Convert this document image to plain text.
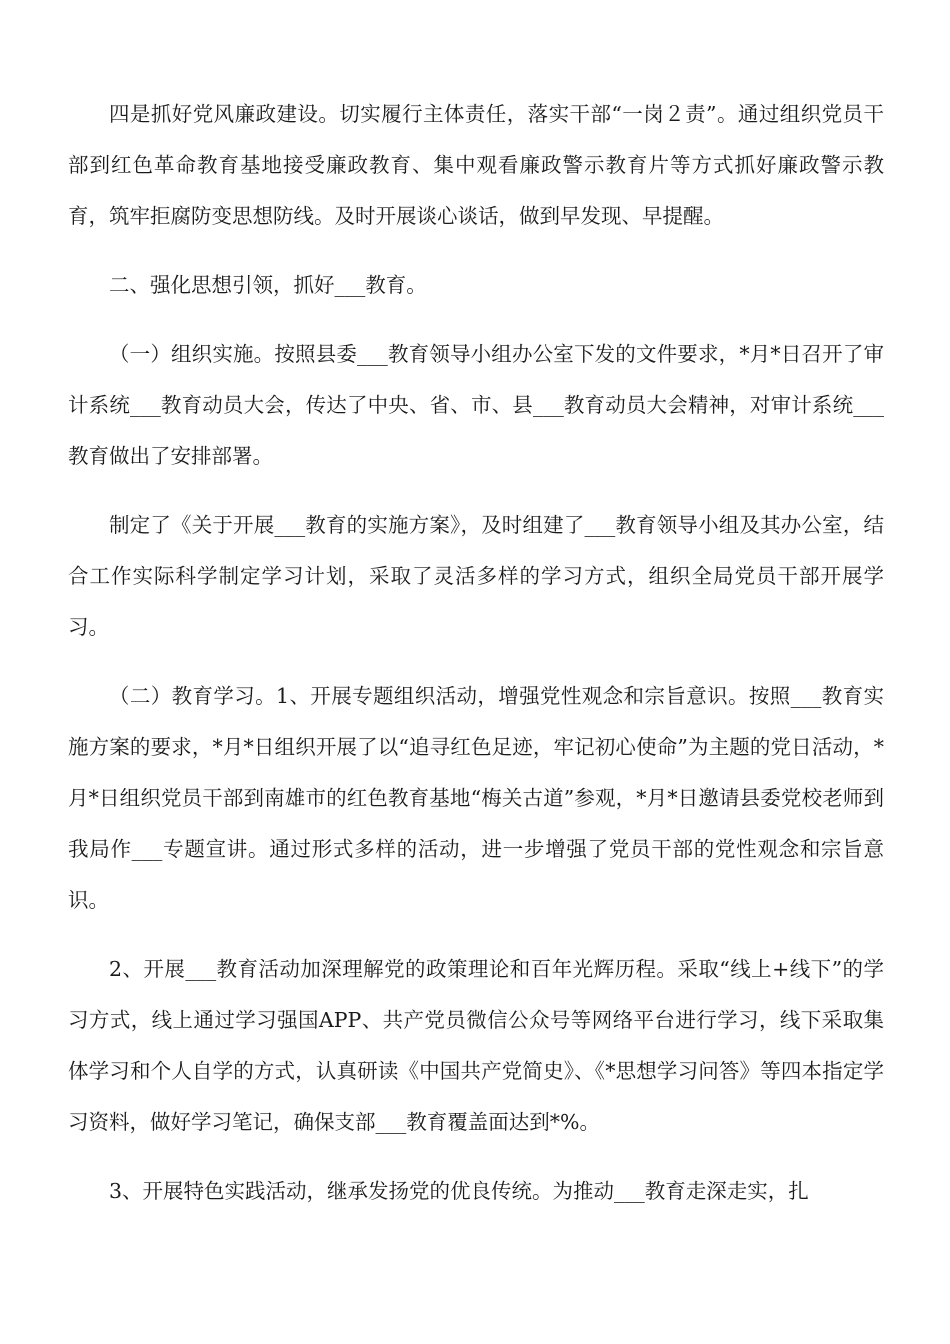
四是抓好党风廉政建设。切实履行主体责任，落实干部“一岗２责”。通过组织党员干部到红色革命教育基地接受廉政教育、集中观看廉政警示教育片等方式抓好廉政警示教育，筑牢拒腐防变思想防线。及时开展谈心谈话，做到早发现、早提醒。

二、强化思想引领，抓好___教育。

（一）组织实施。按照县委___教育领导小组办公室下发的文件要求，*月*日召开了审计系统___教育动员大会，传达了中央、省、市、县___教育动员大会精神，对审计系统___教育做出了安排部署。

制定了《关于开展___教育的实施方案》，及时组建了___教育领导小组及其办公室，结合工作实际科学制定学习计划，采取了灵活多样的学习方式，组织全局党员干部开展学习。

（二）教育学习。1、开展专题组织活动，增强党性观念和宗旨意识。按照___教育实施方案的要求，*月*日组织开展了以“追寻红色足迹，牢记初心使命”为主题的党日活动，*月*日组织党员干部到南雄市的红色教育基地“梅关古道”参观，*月*日邀请县委党校老师到我局作___专题宣讲。通过形式多样的活动，进一步增强了党员干部的党性观念和宗旨意识。

2、开展___教育活动加深理解党的政策理论和百年光辉历程。采取“线上+线下”的学习方式，线上通过学习强国APP、共产党员微信公众号等网络平台进行学习，线下采取集体学习和个人自学的方式，认真研读《中国共产党简史》、《*思想学习问答》等四本指定学习资料，做好学习笔记，确保支部___教育覆盖面达到*%。

3、开展特色实践活动，继承发扬党的优良传统。为推动___教育走深走实，扎
